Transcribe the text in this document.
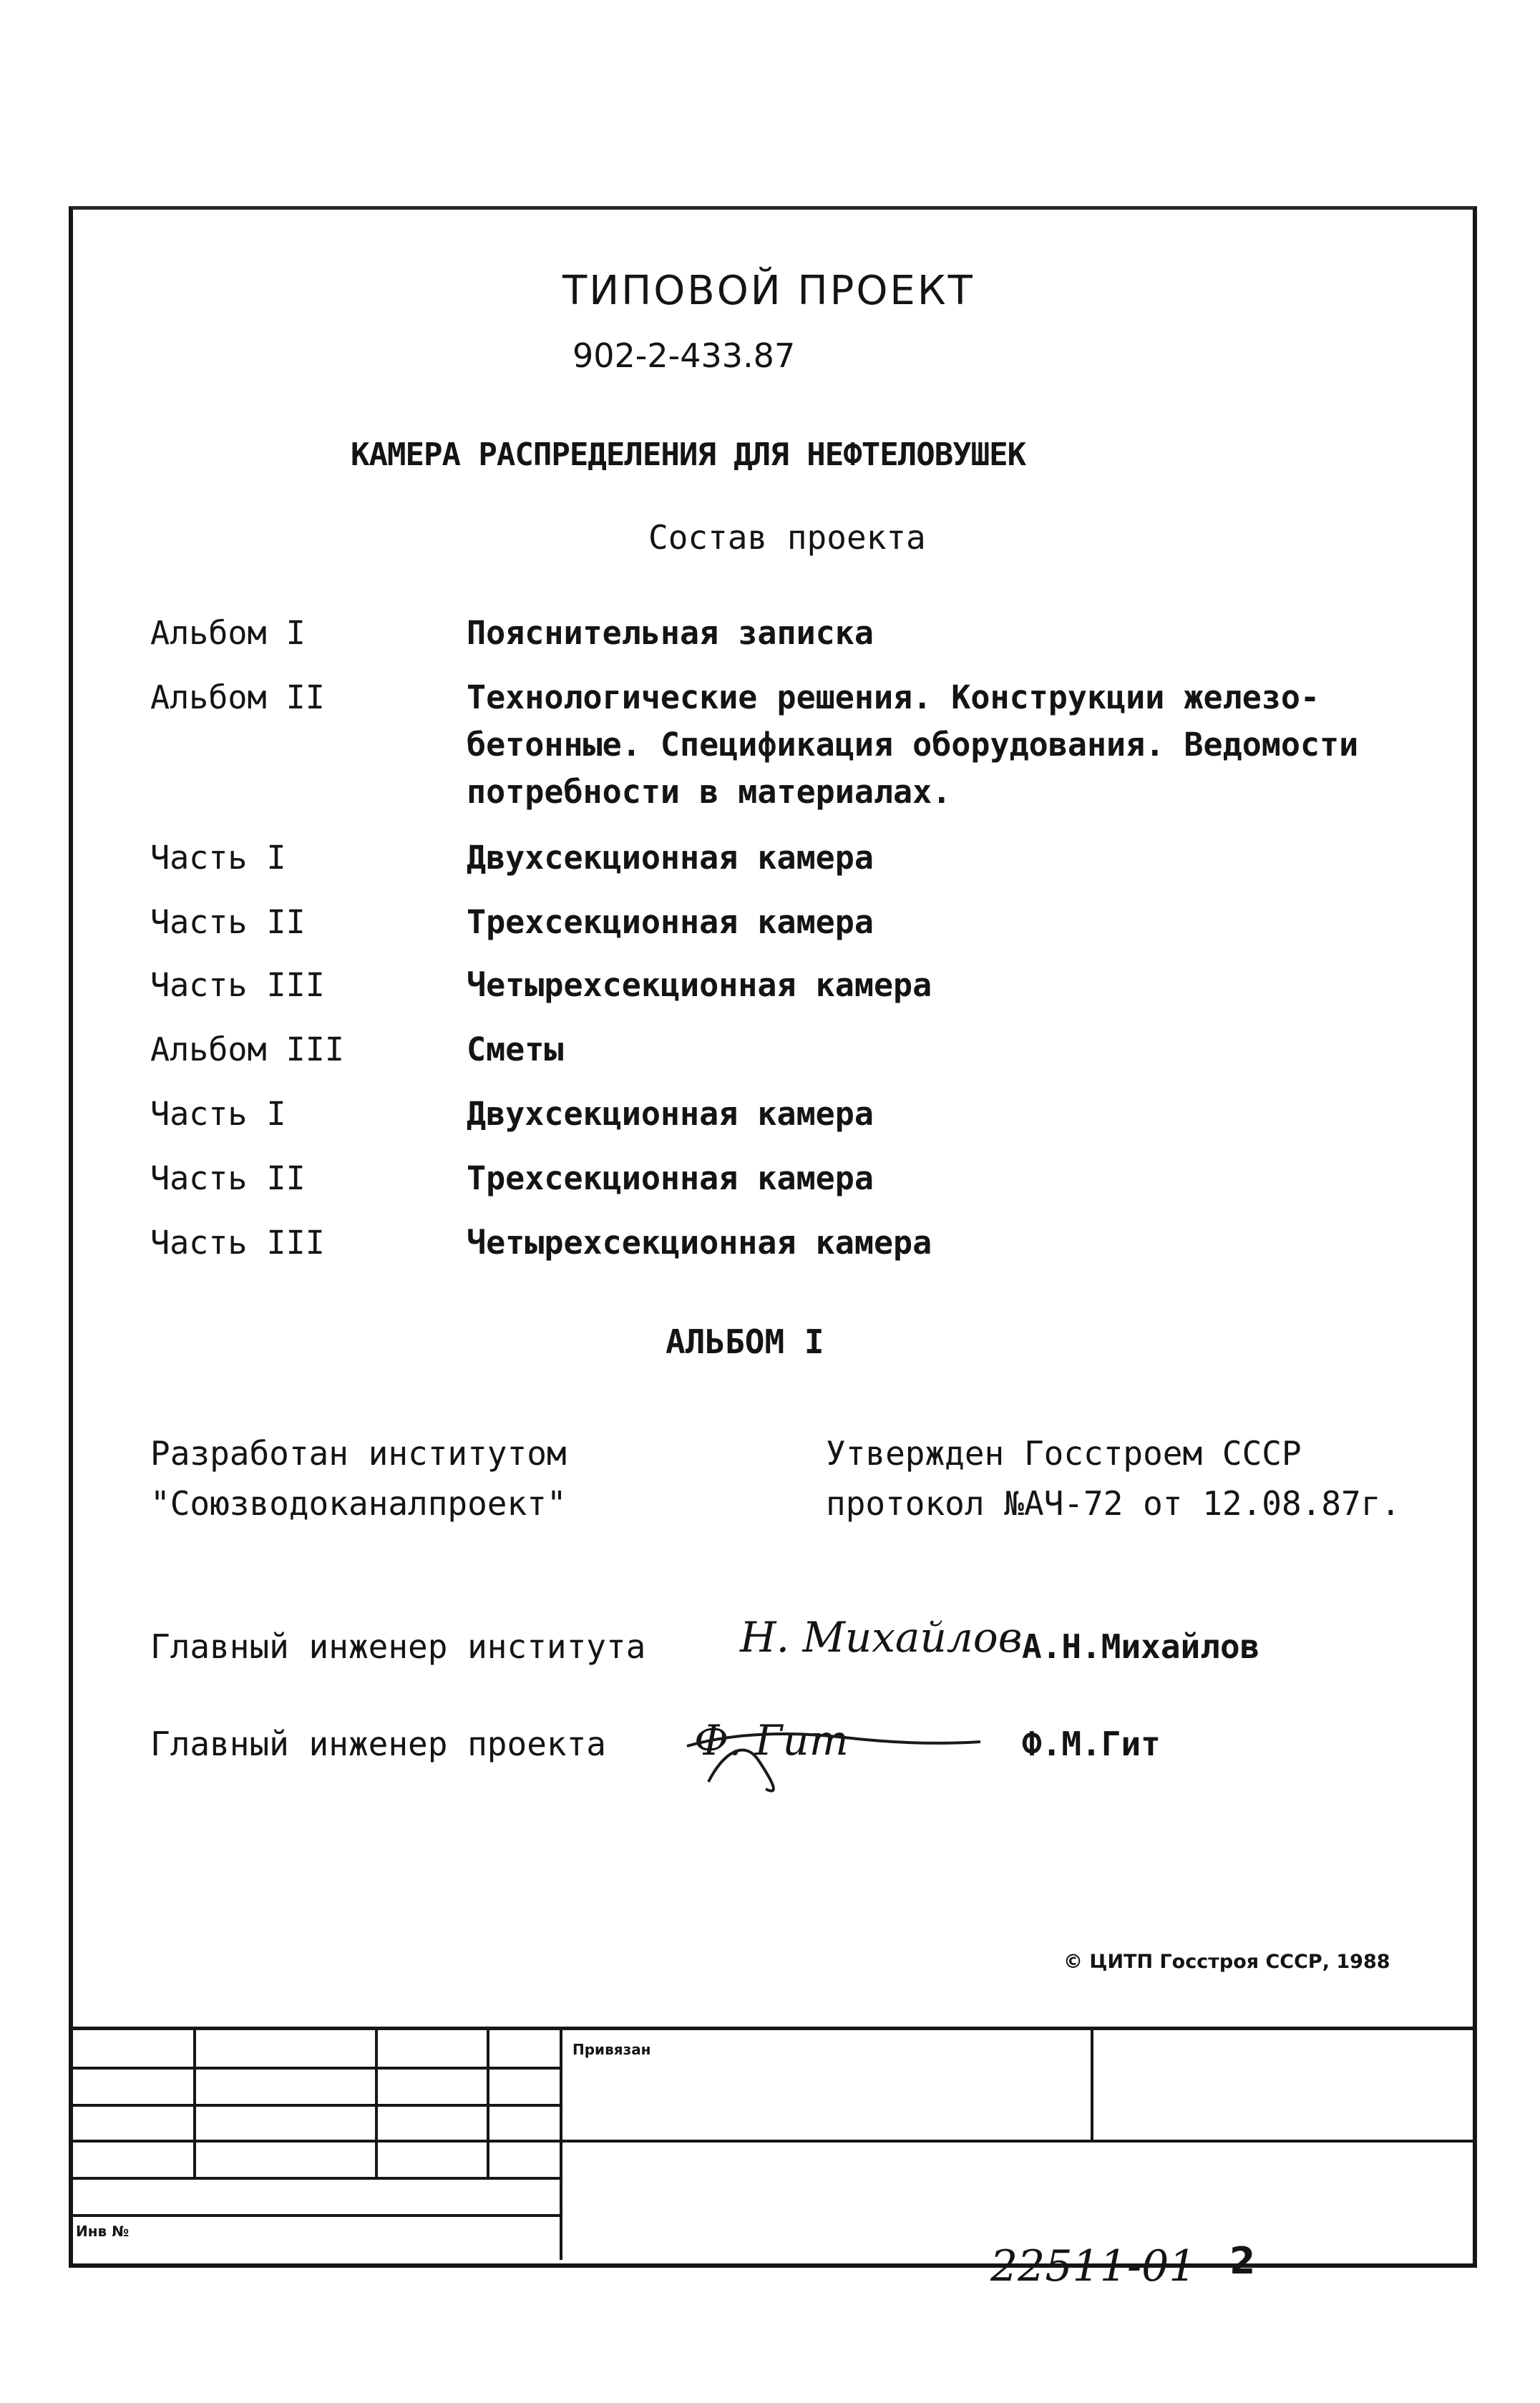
ТИПОВОЙ ПРОЕКТ
902-2-433.87
КАМЕРА РАСПРЕДЕЛЕНИЯ ДЛЯ НЕФТЕЛОВУШЕК
Состав проекта
Альбом I	Пояснительная записка
Альбом II	Технологические решения. Конструкции железо-
бетонные. Спецификация оборудования. Ведомости
потребности в материалах.
Часть I	Двухсекционная камера
Часть II	Трехсекционная камера
Часть III	Четырехсекционная камера
Альбом III	Сметы
Часть I	Двухсекционная камера
Часть II	Трехсекционная камера
Часть III	Четырехсекционная камера
АЛЬБОМ I
Разработан институтом
"Союзводоканалпроект"
Утвержден Госстроем СССР
протокол №АЧ-72 от 12.08.87г.
Главный инженер института Н. Михайлов А.Н.Михайлов
Главный инженер проекта Ф. Гит	Ф.М.Гит
© ЦИТП Госстроя СССР, 1988
Привязан
Инв №
22511-01 2
